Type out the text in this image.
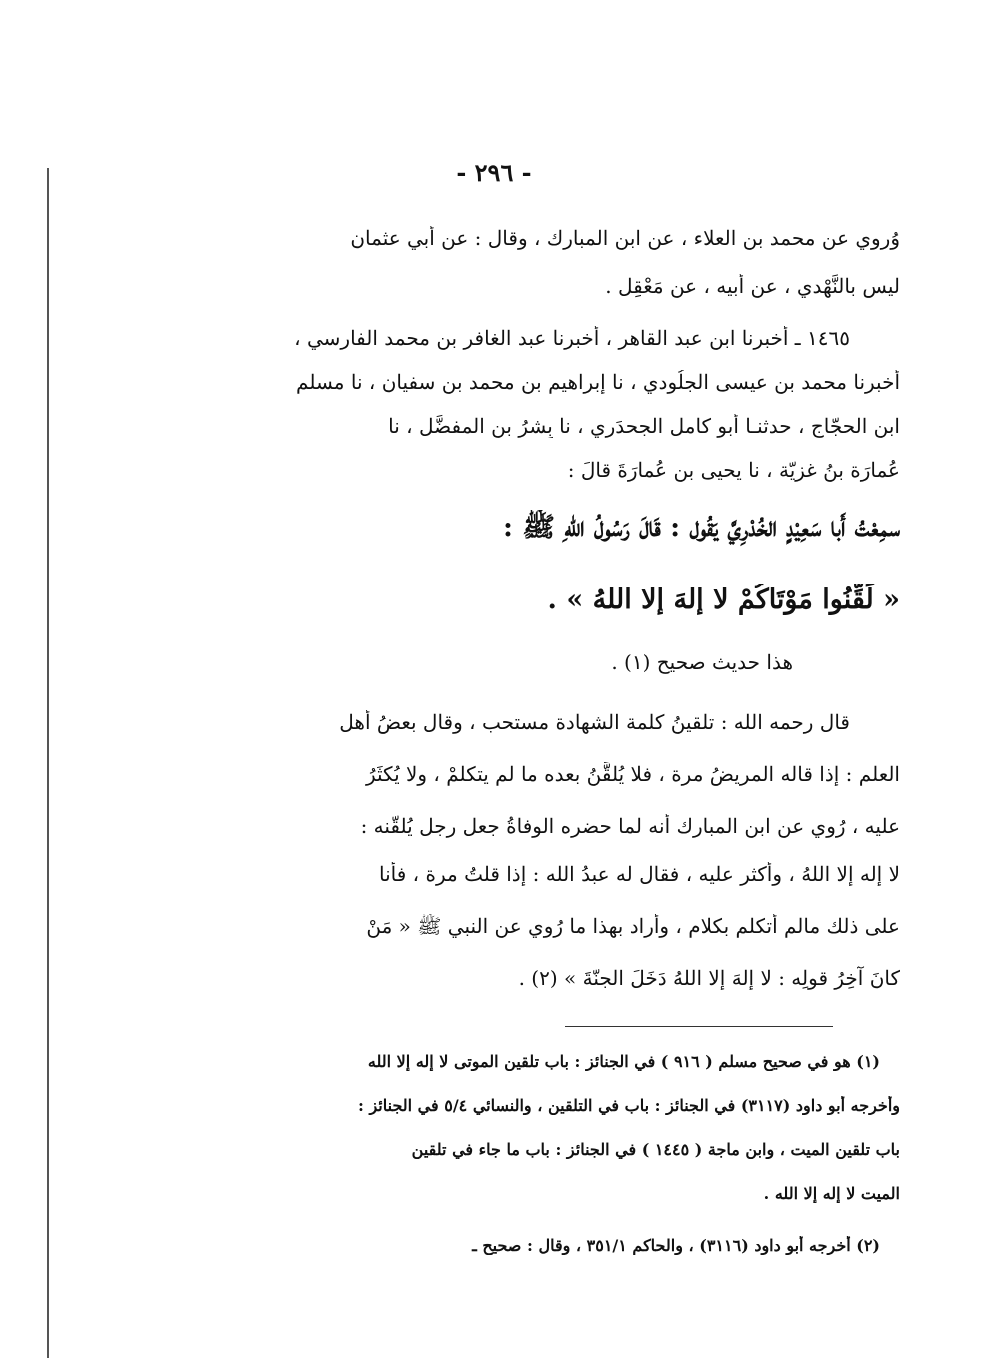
- ٢٩٦ -
وُروي عن محمد بن العلاء ، عن ابن المبارك ، وقال : عن أبي عثمان
ليس بالنَّهْدي ، عن أبيه ، عن مَعْقِل .
١٤٦٥ ـ أخبرنا ابن عبد القاهر ، أخبرنا عبد الغافر بن محمد الفارسي ،
أخبرنا محمد بن عيسى الجلُودي ، نا إبراهيم بن محمد بن سفيان ، نا مسلم
ابن الحجّاج ، حدثنـا أبو كامل الجحدَري ، نا بِشرُ بن المفضَّل ، نا
عُمارَة بنُ غزيّة ، نا يحيى بن عُمارَةَ قالَ :
سمِعْتُ أَبا سَعِيْدٍ الخُدْرِيَّ يَقُول : قَالَ رَسُولُ اللهِ ﷺ :
« لَقِّنُوا مَوْتَاكُمْ لا إلهَ إلا اللهُ » .
هذا حديث صحيح (١) .
قال رحمه الله : تلقينُ كلمة الشهادة مستحب ، وقال بعضُ أهل
العلم : إذا قاله المريضُ مرة ، فلا يُلقَّنُ بعده ما لم يتكلمْ ، ولا يُكثَرُ
عليه ، رُوي عن ابن المبارك أنه لما حضره الوفاةُ جعل رجل يُلقّنه :
لا إله إلا اللهُ ، وأكثر عليه ، فقال له عبدُ الله : إذا قلتُ مرة ، فأنا
على ذلك مالم أتكلم بكلام ، وأراد بهذا ما رُوي عن النبي ﷺ « مَنْ
كانَ آخِرُ قولِه : لا إلهَ إلا اللهُ دَخَلَ الجنّةَ » (٢) .
(١) هو في صحيح مسلم ( ٩١٦ ) في الجنائز : باب تلقين الموتى لا إله إلا الله
وأخرجه أبو داود (٣١١٧) في الجنائز : باب في التلقين ، والنسائي ٥/٤ في الجنائز :
باب تلقين الميت ، وابن ماجة ( ١٤٤٥ ) في الجنائز : باب ما جاء في تلقين
الميت لا إله إلا الله .
(٢) أخرجه أبو داود (٣١١٦) ، والحاكم ٣٥١/١ ، وقال : صحيح ـ
